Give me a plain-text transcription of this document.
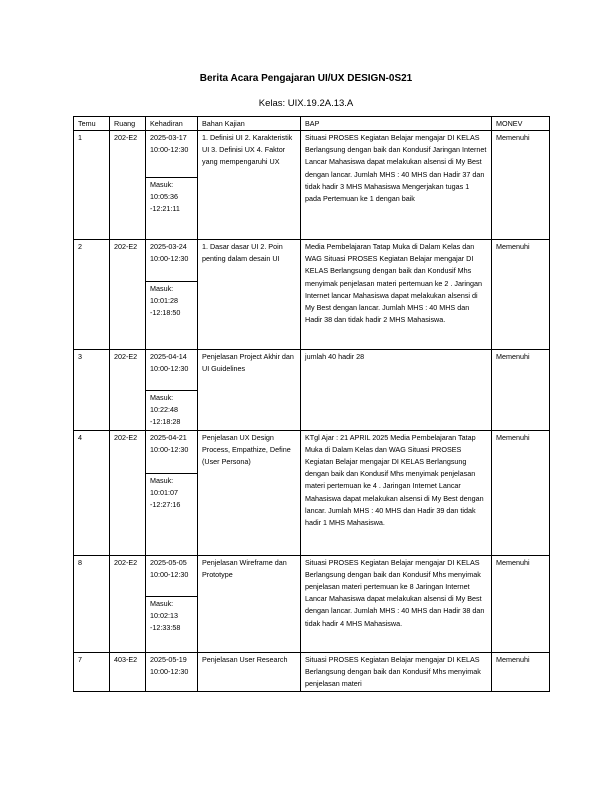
Berita Acara Pengajaran UI/UX DESIGN-0S21
Kelas: UIX.19.2A.13.A
Temu	Ruang	Kehadiran	Bahan Kajian	BAP	MONEV
1	202-E2	2025-03-17 10:00-12:30	1. Definisi UI 2. Karakteristik UI 3. Definisi UX 4. Faktor yang mempengaruhi UX	Situasi PROSES Kegiatan Belajar mengajar DI KELAS Berlangsung dengan baik dan Kondusif Jaringan Internet Lancar Mahasiswa dapat melakukan alsensi di My Best dengan lancar. Jumlah MHS : 40 MHS dan Hadir 37 dan tidak hadir 3 MHS Mahasiswa Mengerjakan tugas 1 pada Pertemuan ke 1 dengan baik	Memenuhi
		Masuk: 10:05:36 -12:21:11			
2	202-E2	2025-03-24 10:00-12:30	1. Dasar dasar UI 2. Poin penting dalam desain UI	Media Pembelajaran Tatap Muka di Dalam Kelas dan WAG Situasi PROSES Kegiatan Belajar mengajar DI KELAS Berlangsung dengan baik dan Kondusif Mhs menyimak penjelasan materi pertemuan ke 2 . Jaringan Internet lancar Mahasiswa dapat melakukan alsensi di My Best dengan lancar. Jumlah MHS : 40 MHS dan Hadir 38 dan tidak hadir 2 MHS Mahasiswa.	Memenuhi
		Masuk: 10:01:28 -12:18:50			
3	202-E2	2025-04-14 10:00-12:30	Penjelasan Project Akhir dan UI Guidelines	jumlah 40 hadir 28	Memenuhi
		Masuk: 10:22:48 -12:18:28			
4	202-E2	2025-04-21 10:00-12:30	Penjelasan UX Design Process, Empathize, Define (User Persona)	KTgl Ajar : 21 APRIL 2025 Media Pembelajaran Tatap Muka di Dalam Kelas dan WAG Situasi PROSES Kegiatan Belajar mengajar DI KELAS Berlangsung dengan baik dan Kondusif Mhs menyimak penjelasan materi pertemuan ke 4 . Jaringan Internet Lancar Mahasiswa dapat melakukan alsensi di My Best dengan lancar. Jumlah MHS : 40 MHS dan Hadir 39 dan tidak hadir 1 MHS Mahasiswa.	Memenuhi
		Masuk: 10:01:07 -12:27:16			
8	202-E2	2025-05-05 10:00-12:30	Penjelasan Wireframe dan Prototype	Situasi PROSES Kegiatan Belajar mengajar DI KELAS Berlangsung dengan baik dan Kondusif Mhs menyimak penjelasan materi pertemuan ke 8 Jaringan Internet Lancar Mahasiswa dapat melakukan alsensi di My Best dengan lancar. Jumlah MHS : 40 MHS dan Hadir 38 dan tidak hadir 4 MHS Mahasiswa.	Memenuhi
		Masuk: 10:02:13 -12:33:58			
7	403-E2	2025-05-19 10:00-12:30	Penjelasan User Research	Situasi PROSES Kegiatan Belajar mengajar DI KELAS Berlangsung dengan baik dan Kondusif Mhs menyimak penjelasan materi	Memenuhi
